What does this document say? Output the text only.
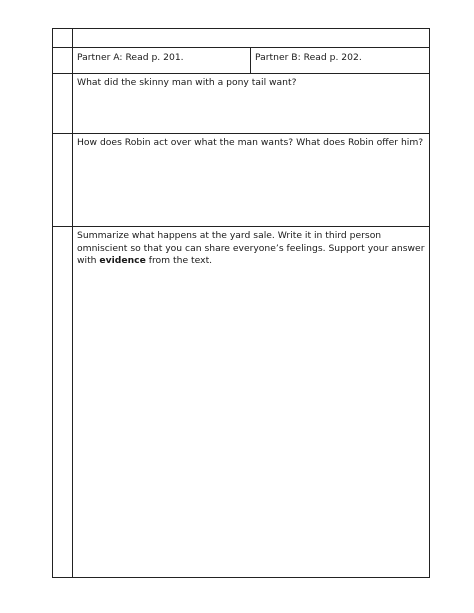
	Partner A: Read p. 201.	Partner B: Read p. 202.

	What did the skinny man with a pony tail want?	

	How does Robin act over what the man wants? What does Robin offer him?	

	Summarize what happens at the yard sale. Write it in third person omniscient so that you can share everyone’s feelings. Support your answer with evidence from the text.	
